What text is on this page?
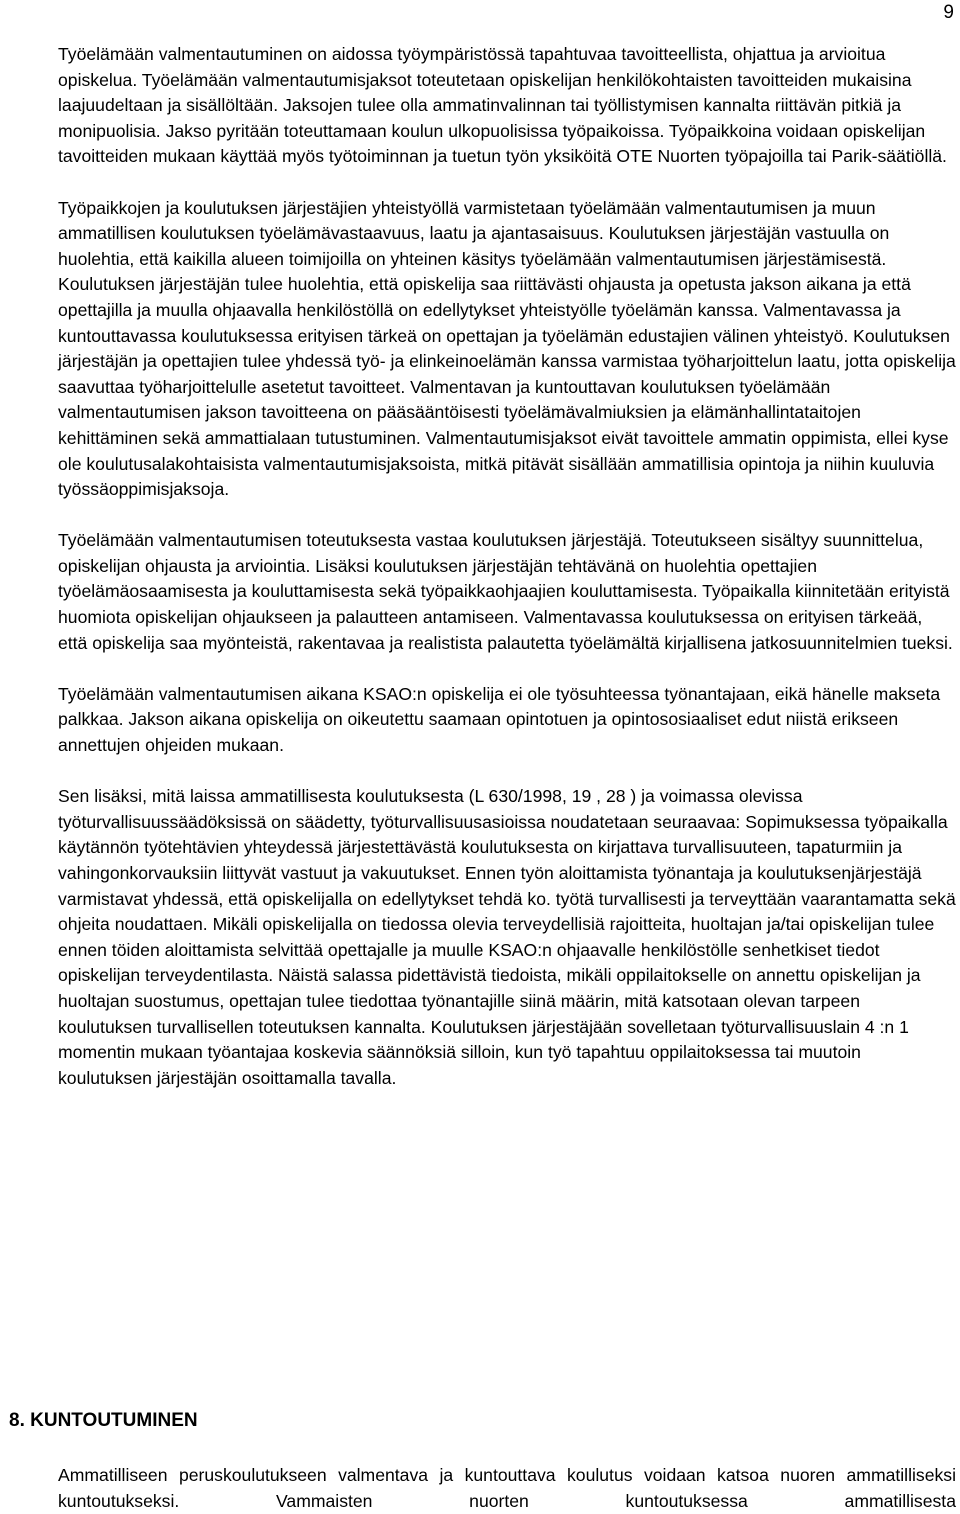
9

Työelämään valmentautuminen on aidossa työympäristössä tapahtuvaa tavoitteellista, ohjattua ja arvioitua opiskelua. Työelämään valmentautumisjaksot toteutetaan opiskelijan henkilökohtaisten tavoitteiden mukaisina laajuudeltaan ja sisällöltään. Jaksojen tulee olla ammatinvalinnan tai työllistymisen kannalta riittävän pitkiä ja monipuolisia. Jakso pyritään toteuttamaan koulun ulkopuolisissa työpaikoissa. Työpaikkoina voidaan opiskelijan tavoitteiden mukaan käyttää myös työtoiminnan ja tuetun työn yksiköitä OTE Nuorten työpajoilla tai Parik-säätiöllä.

Työpaikkojen ja koulutuksen järjestäjien yhteistyöllä varmistetaan työelämään valmentautumisen ja muun ammatillisen koulutuksen työelämävastaavuus, laatu ja ajantasaisuus. Koulutuksen järjestäjän vastuulla on huolehtia, että kaikilla alueen toimijoilla on yhteinen käsitys työelämään valmentautumisen järjestämisestä. Koulutuksen järjestäjän tulee huolehtia, että opiskelija saa riittävästi ohjausta ja opetusta jakson aikana ja että opettajilla ja muulla ohjaavalla henkilöstöllä on edellytykset yhteistyölle työelämän kanssa. Valmentavassa ja kuntouttavassa koulutuksessa erityisen tärkeä on opettajan ja työelämän edustajien välinen yhteistyö. Koulutuksen järjestäjän ja opettajien tulee yhdessä työ- ja elinkeinoelämän kanssa varmistaa työharjoittelun laatu, jotta opiskelija saavuttaa työharjoittelulle asetetut tavoitteet. Valmentavan ja kuntouttavan koulutuksen työelämään valmentautumisen jakson tavoitteena on pääsääntöisesti työelämävalmiuksien ja elämänhallintataitojen kehittäminen sekä ammattialaan tutustuminen. Valmentautumisjaksot eivät tavoittele ammatin oppimista, ellei kyse ole koulutusalakohtaisista valmentautumisjaksoista, mitkä pitävät sisällään ammatillisia opintoja ja niihin kuuluvia työssäoppimisjaksoja.

Työelämään valmentautumisen toteutuksesta vastaa koulutuksen järjestäjä. Toteutukseen sisältyy suunnittelua, opiskelijan ohjausta ja arviointia. Lisäksi koulutuksen järjestäjän tehtävänä on huolehtia opettajien työelämäosaamisesta ja kouluttamisesta sekä työpaikkaohjaajien kouluttamisesta. Työpaikalla kiinnitetään erityistä huomiota opiskelijan ohjaukseen ja palautteen antamiseen. Valmentavassa koulutuksessa on erityisen tärkeää, että opiskelija saa myönteistä, rakentavaa ja realistista palautetta työelämältä kirjallisena jatkosuunnitelmien tueksi.

Työelämään valmentautumisen aikana KSAO:n opiskelija ei ole työsuhteessa työnantajaan, eikä hänelle makseta palkkaa. Jakson aikana opiskelija on oikeutettu saamaan opintotuen ja opintososiaaliset edut niistä erikseen annettujen ohjeiden mukaan.

Sen lisäksi, mitä laissa ammatillisesta koulutuksesta (L 630/1998, 19 , 28 ) ja voimassa olevissa työturvallisuussäädöksissä on säädetty, työturvallisuusasioissa noudatetaan seuraavaa: Sopimuksessa työpaikalla käytännön työtehtävien yhteydessä järjestettävästä koulutuksesta on kirjattava turvallisuuteen, tapaturmiin ja vahingonkorvauksiin liittyvät vastuut ja vakuutukset. Ennen työn aloittamista työnantaja ja koulutuksenjärjestäjä varmistavat yhdessä, että opiskelijalla on edellytykset tehdä ko. työtä turvallisesti ja terveyttään vaarantamatta sekä ohjeita noudattaen. Mikäli opiskelijalla on tiedossa olevia terveydellisiä rajoitteita, huoltajan ja/tai opiskelijan tulee ennen töiden aloittamista selvittää opettajalle ja muulle KSAO:n ohjaavalle henkilöstölle senhetkiset tiedot opiskelijan terveydentilasta. Näistä salassa pidettävistä tiedoista, mikäli oppilaitokselle on annettu opiskelijan ja huoltajan suostumus, opettajan tulee tiedottaa työnantajille siinä määrin, mitä katsotaan olevan tarpeen koulutuksen turvallisellen toteutuksen kannalta. Koulutuksen järjestäjään sovelletaan työturvallisuuslain 4 :n 1 momentin mukaan työantajaa koskevia säännöksiä silloin, kun työ tapahtuu oppilaitoksessa tai muutoin koulutuksen järjestäjän osoittamalla tavalla.

8. KUNTOUTUMINEN

Ammatilliseen peruskoulutukseen valmentava ja kuntouttava koulutus voidaan katsoa nuoren ammatilliseksi kuntoutukseksi. Vammaisten nuorten kuntoutuksessa ammatillisesta
